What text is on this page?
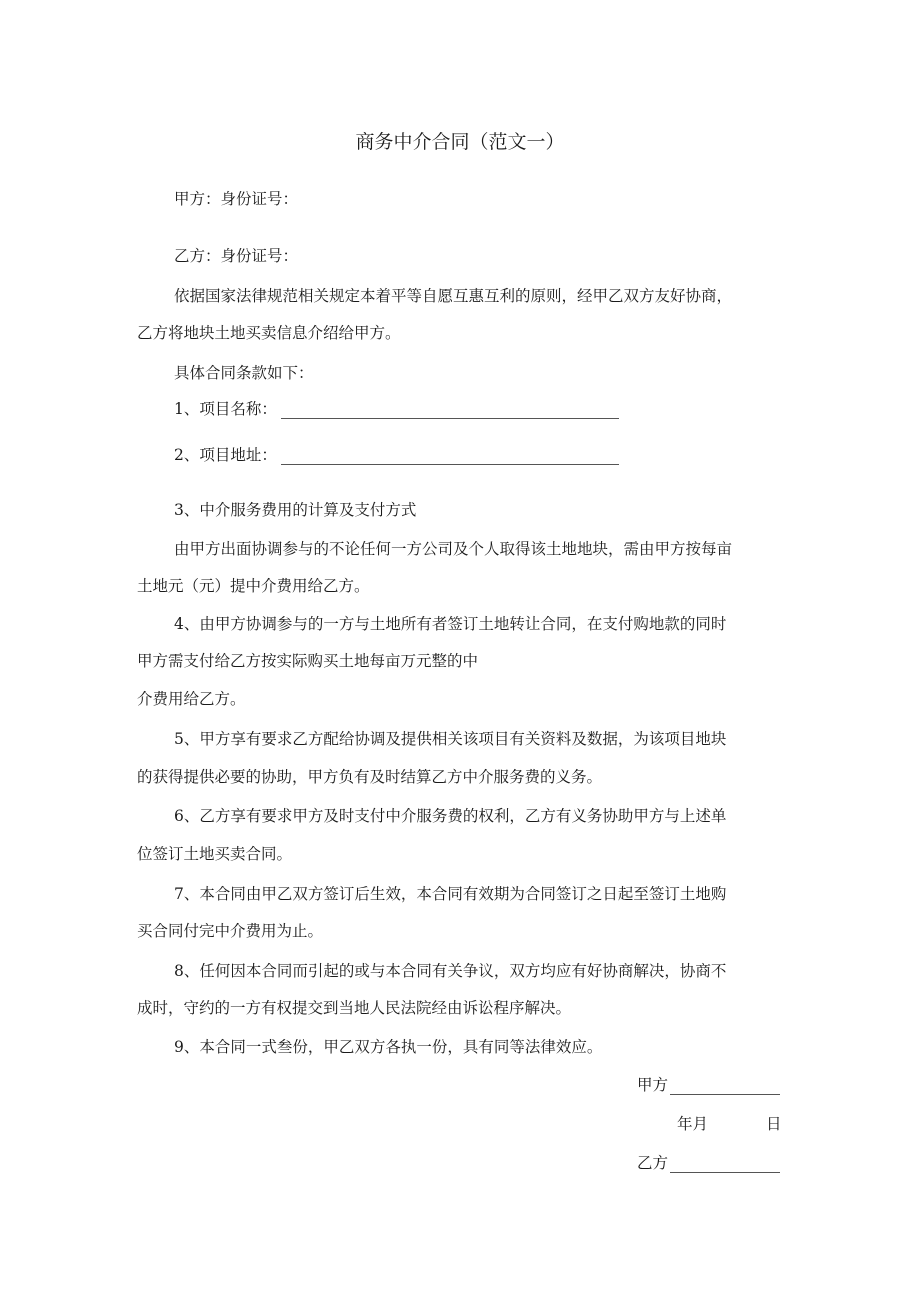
商务中介合同（范文一）
甲方：身份证号：
乙方：身份证号：
依据国家法律规范相关规定本着平等自愿互惠互利的原则，经甲乙双方友好协商，
乙方将地块土地买卖信息介绍给甲方。
具体合同条款如下：
1、项目名称：
2、项目地址：
3、中介服务费用的计算及支付方式
由甲方出面协调参与的不论任何一方公司及个人取得该土地地块，需由甲方按每亩
土地元（元）提中介费用给乙方。
4、由甲方协调参与的一方与土地所有者签订土地转让合同，在支付购地款的同时
甲方需支付给乙方按实际购买土地每亩万元整的中
介费用给乙方。
5、甲方享有要求乙方配给协调及提供相关该项目有关资料及数据，为该项目地块
的获得提供必要的协助，甲方负有及时结算乙方中介服务费的义务。
6、乙方享有要求甲方及时支付中介服务费的权利，乙方有义务协助甲方与上述单
位签订土地买卖合同。
7、本合同由甲乙双方签订后生效，本合同有效期为合同签订之日起至签订土地购
买合同付完中介费用为止。
8、任何因本合同而引起的或与本合同有关争议，双方均应有好协商解决，协商不
成时，守约的一方有权提交到当地人民法院经由诉讼程序解决。
9、本合同一式叁份，甲乙双方各执一份，具有同等法律效应。
甲方
年月	日
乙方
